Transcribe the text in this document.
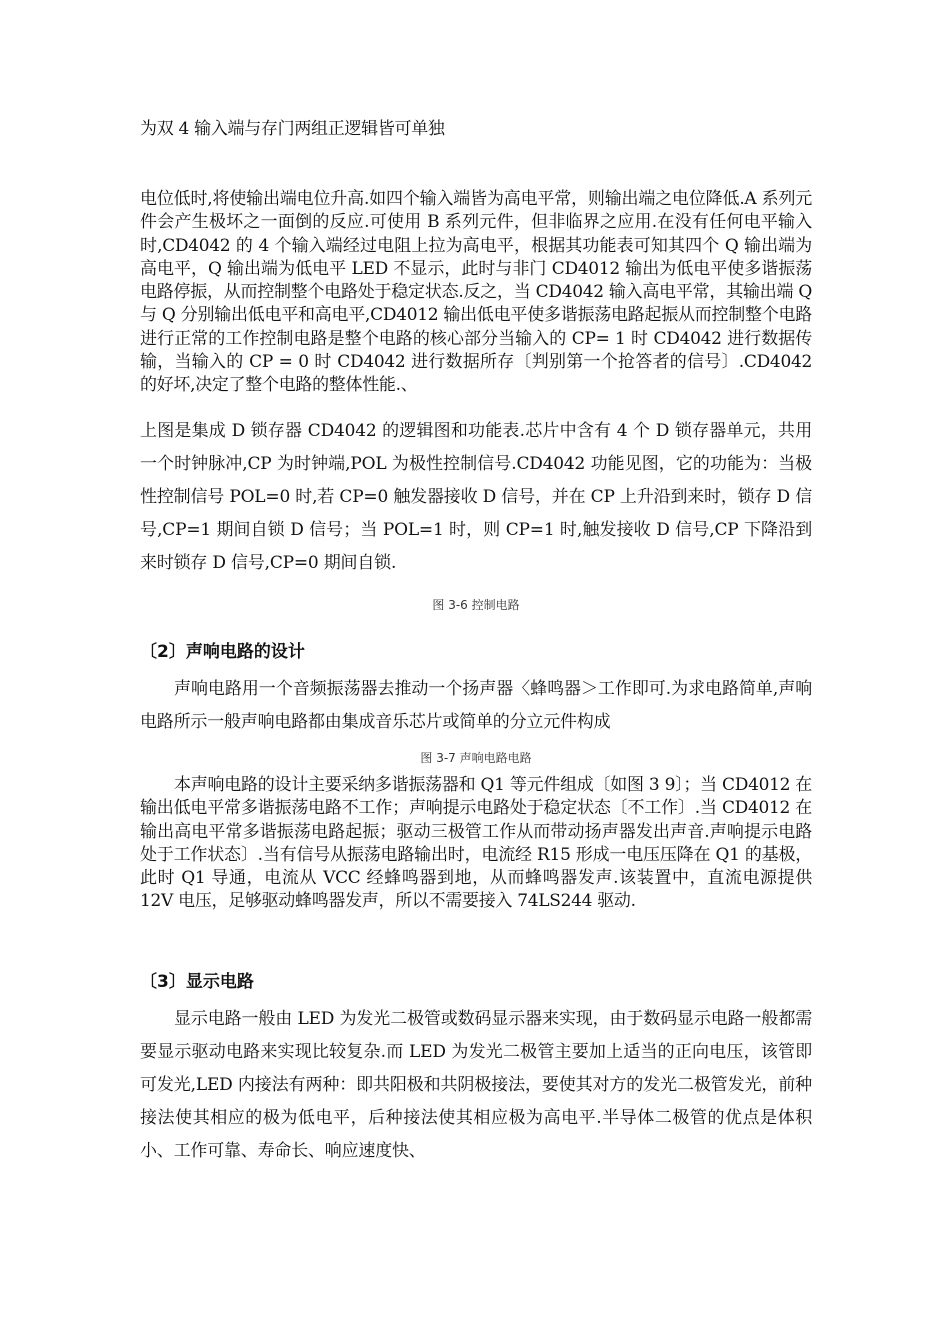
为双 4 输入端与存门两组正逻辑皆可单独

电位低时,将使输出端电位升高.如四个输入端皆为高电平常，则输出端之电位降低.A 系列元件会产生极坏之一面倒的反应.可使用 B 系列元件，但非临界之应用.在没有任何电平输入时,CD4042 的 4 个输入端经过电阻上拉为高电平，根据其功能表可知其四个 Q 输出端为高电平，Q 输出端为低电平 LED 不显示，此时与非门 CD4012 输出为低电平使多谐振荡电路停振，从而控制整个电路处于稳定状态.反之，当 CD4042 输入高电平常，其输出端 Q 与 Q 分别输出低电平和高电平,CD4012 输出低电平使多谐振荡电路起振从而控制整个电路进行正常的工作控制电路是整个电路的核心部分当输入的 CP= 1 时 CD4042 进行数据传输，当输入的 CP = 0 时 CD4042 进行数据所存〔判别第一个抢答者的信号〕.CD4042 的好坏,决定了整个电路的整体性能.、

上图是集成 D 锁存器 CD4042 的逻辑图和功能表.芯片中含有 4 个 D 锁存器单元，共用一个时钟脉冲,CP 为时钟端,POL 为极性控制信号.CD4042 功能见图，它的功能为：当极性控制信号 POL=0 时,若 CP=0 触发器接收 D 信号，并在 CP 上升沿到来时，锁存 D 信号,CP=1 期间自锁 D 信号；当 POL=1 时，则 CP=1 时,触发接收 D 信号,CP 下降沿到来时锁存 D 信号,CP=0 期间自锁.

图 3-6 控制电路
〔2〕声响电路的设计

声响电路用一个音频振荡器去推动一个扬声器〈蜂鸣器＞工作即可.为求电路简单,声响电路所示一般声响电路都由集成音乐芯片或简单的分立元件构成

图 3-7 声响电路电路

本声响电路的设计主要采纳多谐振荡器和 Q1 等元件组成〔如图 3 9〕；当 CD4012 在输出低电平常多谐振荡电路不工作；声响提示电路处于稳定状态〔不工作〕.当 CD4012 在输出高电平常多谐振荡电路起振；驱动三极管工作从而带动扬声器发出声音.声响提示电路处于工作状态〕.当有信号从振荡电路输出时，电流经 R15 形成一电压压降在 Q1 的基极，此时 Q1 导通，电流从 VCC 经蜂鸣器到地，从而蜂鸣器发声.该装置中，直流电源提供 12V 电压，足够驱动蜂鸣器发声，所以不需要接入 74LS244 驱动.

〔3〕显示电路

显示电路一般由 LED 为发光二极管或数码显示器来实现，由于数码显示电路一般都需要显示驱动电路来实现比较复杂.而 LED 为发光二极管主要加上适当的正向电压，该管即可发光,LED 内接法有两种：即共阳极和共阴极接法，要使其对方的发光二极管发光，前种接法使其相应的极为低电平，后种接法使其相应极为高电平.半导体二极管的优点是体积小、工作可靠、寿命长、响应速度快、
